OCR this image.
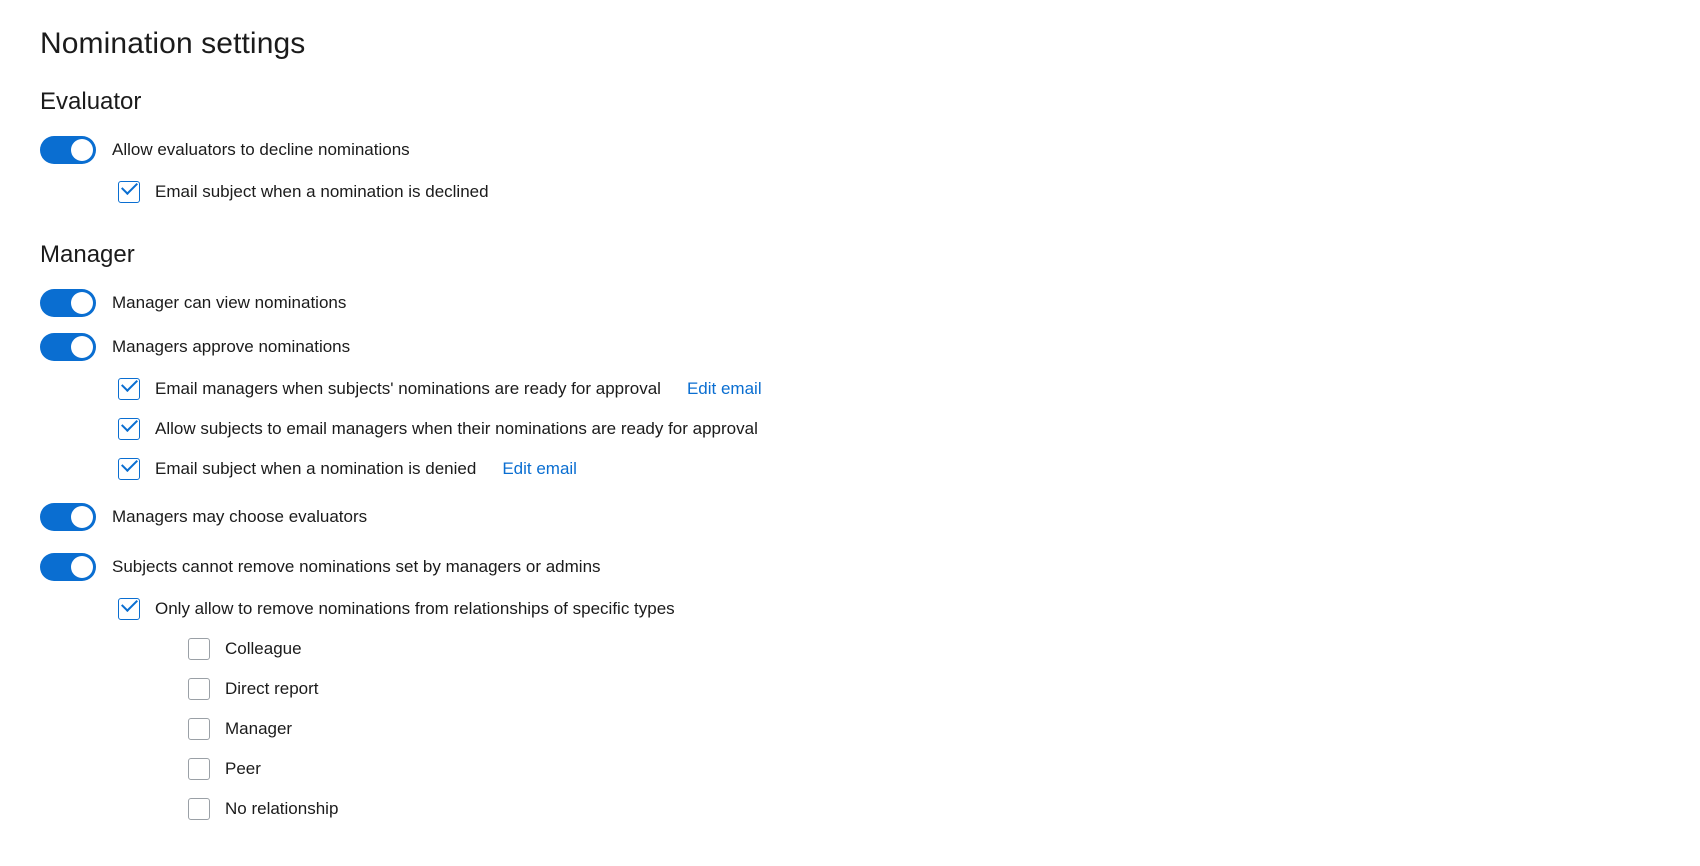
Nomination settings
Evaluator
Allow evaluators to decline nominations
Email subject when a nomination is declined
Manager
Manager can view nominations
Managers approve nominations
Email managers when subjects' nominations are ready for approval Edit email
Allow subjects to email managers when their nominations are ready for approval
Email subject when a nomination is denied Edit email
Managers may choose evaluators
Subjects cannot remove nominations set by managers or admins
Only allow to remove nominations from relationships of specific types
Colleague
Direct report
Manager
Peer
No relationship
